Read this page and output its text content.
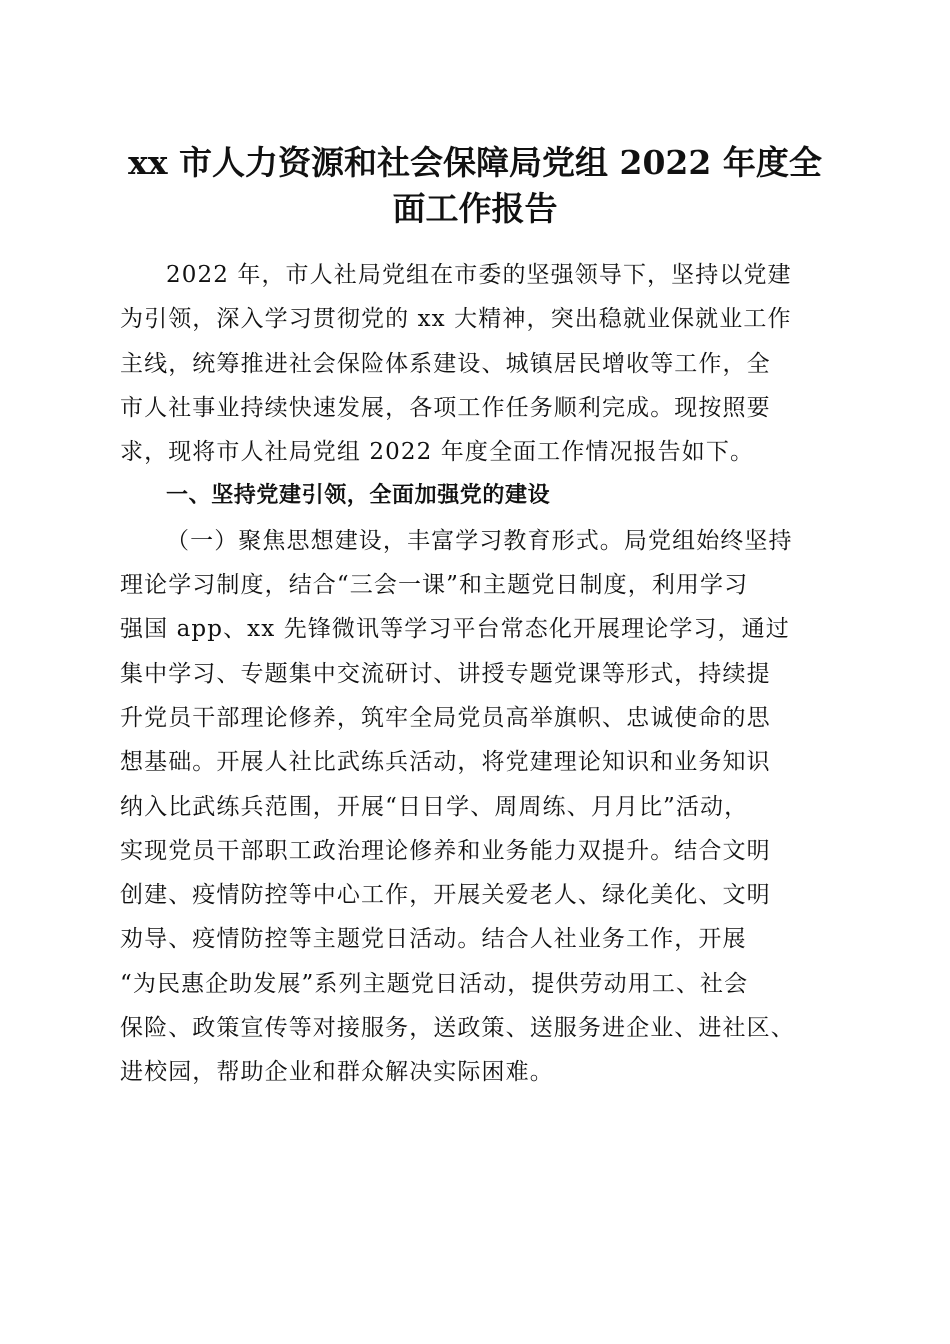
xx 市人力资源和社会保障局党组 2022 年度全
面工作报告
2022 年，市人社局党组在市委的坚强领导下，坚持以党建
为引领，深入学习贯彻党的 xx 大精神，突出稳就业保就业工作
主线，统筹推进社会保险体系建设、城镇居民增收等工作，全
市人社事业持续快速发展，各项工作任务顺利完成。现按照要
求，现将市人社局党组 2022 年度全面工作情况报告如下。
一、坚持党建引领，全面加强党的建设
（一）聚焦思想建设，丰富学习教育形式。局党组始终坚持
理论学习制度，结合“三会一课”和主题党日制度，利用学习
强国 app、xx 先锋微讯等学习平台常态化开展理论学习，通过
集中学习、专题集中交流研讨、讲授专题党课等形式，持续提
升党员干部理论修养，筑牢全局党员高举旗帜、忠诚使命的思
想基础。开展人社比武练兵活动，将党建理论知识和业务知识
纳入比武练兵范围，开展“日日学、周周练、月月比”活动，
实现党员干部职工政治理论修养和业务能力双提升。结合文明
创建、疫情防控等中心工作，开展关爱老人、绿化美化、文明
劝导、疫情防控等主题党日活动。结合人社业务工作，开展
“为民惠企助发展”系列主题党日活动，提供劳动用工、社会
保险、政策宣传等对接服务，送政策、送服务进企业、进社区、
进校园，帮助企业和群众解决实际困难。
